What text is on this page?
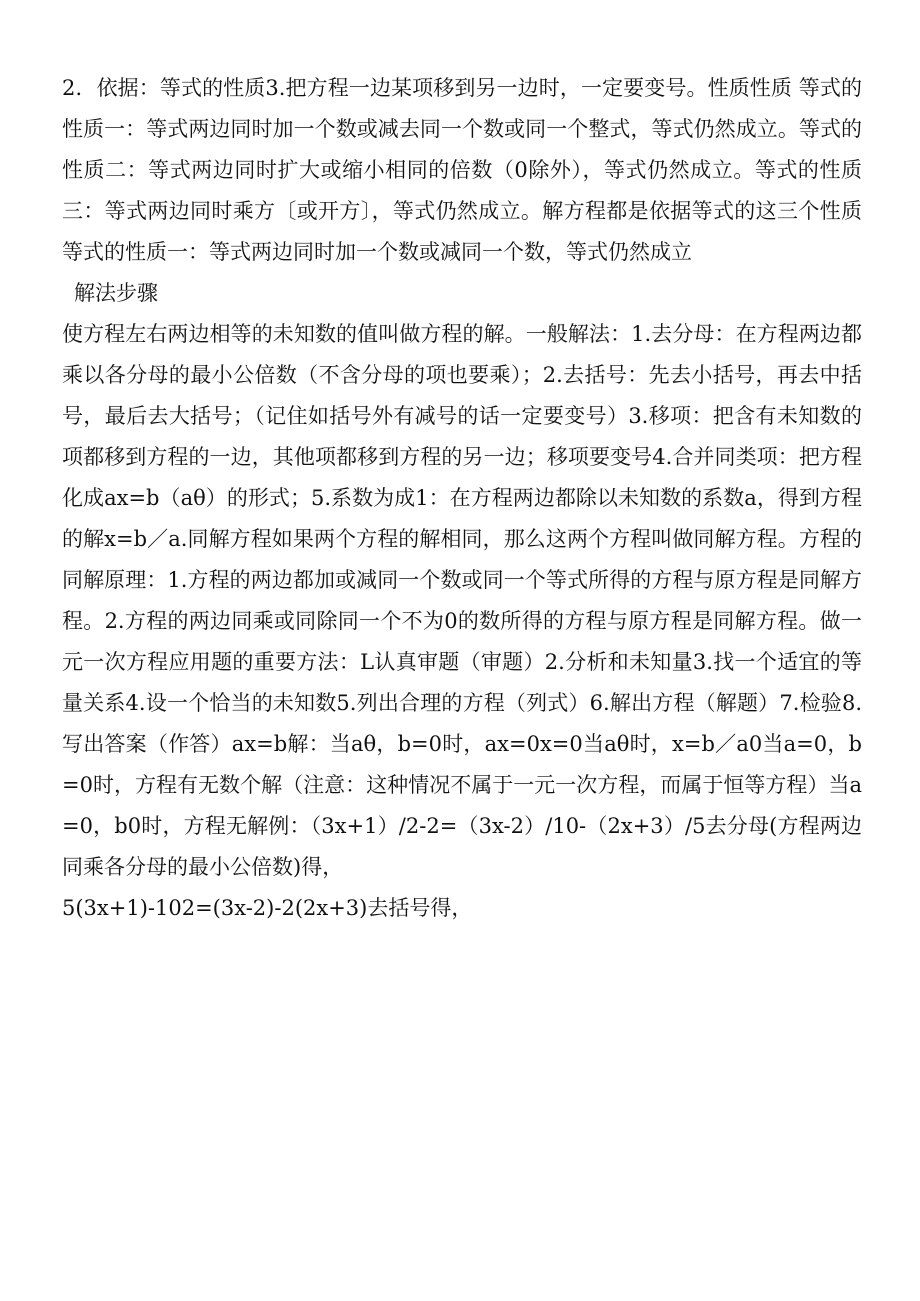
2．依据：等式的性质3.把方程一边某项移到另一边时，一定要变号。性质性质 等式的性质一：等式两边同时加一个数或减去同一个数或同一个整式，等式仍然成立。等式的性质二：等式两边同时扩大或缩小相同的倍数（0除外），等式仍然成立。等式的性质三：等式两边同时乘方〔或开方〕，等式仍然成立。解方程都是依据等式的这三个性质等式的性质一：等式两边同时加一个数或减同一个数，等式仍然成立

解法步骤

使方程左右两边相等的未知数的值叫做方程的解。一般解法：1.去分母：在方程两边都乘以各分母的最小公倍数（不含分母的项也要乘）；2.去括号：先去小括号，再去中括号，最后去大括号；（记住如括号外有减号的话一定要变号）3.移项：把含有未知数的项都移到方程的一边，其他项都移到方程的另一边；移项要变号4.合并同类项：把方程化成ax=b（aθ）的形式；5.系数为成1：在方程两边都除以未知数的系数a，得到方程的解x=b／a.同解方程如果两个方程的解相同，那么这两个方程叫做同解方程。方程的同解原理：1.方程的两边都加或减同一个数或同一个等式所得的方程与原方程是同解方程。2.方程的两边同乘或同除同一个不为0的数所得的方程与原方程是同解方程。做一元一次方程应用题的重要方法：L认真审题（审题）2.分析和未知量3.找一个适宜的等量关系4.设一个恰当的未知数5.列出合理的方程（列式）6.解出方程（解题）7.检验8.写出答案（作答）ax=b解：当aθ，b=0时，ax=0x=0当aθ时，x=b／a0当a=0，b=0时，方程有无数个解（注意：这种情况不属于一元一次方程，而属于恒等方程）当a=0，b0时，方程无解例：（3x+1）/2-2=（3x-2）/10-（2x+3）/5去分母(方程两边同乘各分母的最小公倍数)得，

5(3x+1)-102=(3x-2)-2(2x+3)去括号得，
